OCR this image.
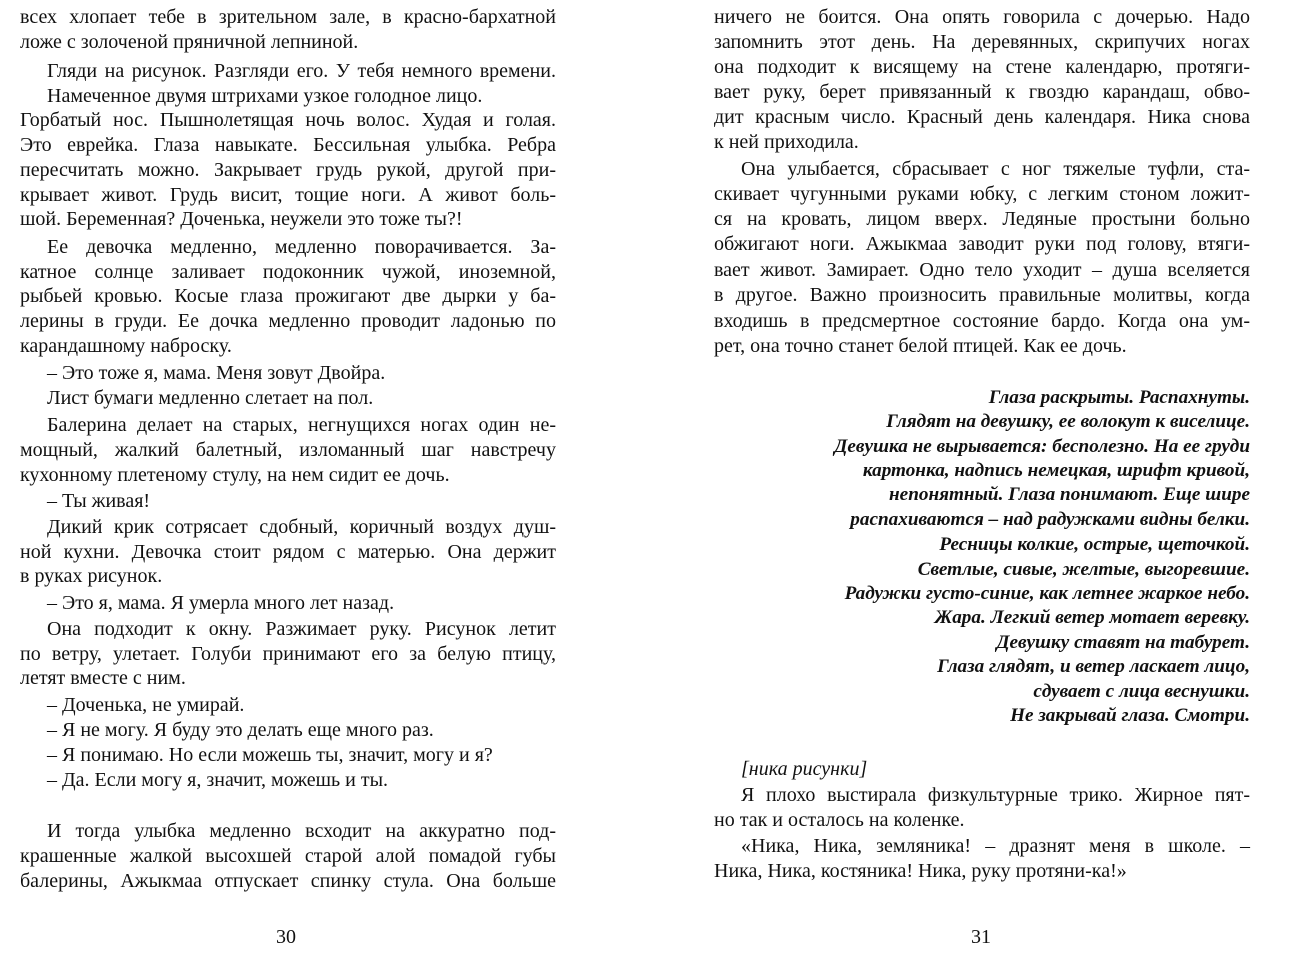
всех хлопает тебе в зрительном зале, в красно-бархатной
ложе с золоченой пряничной лепниной.
Гляди на рисунок. Разгляди его. У тебя немного времени.
Намеченное двумя штрихами узкое голодное лицо.
Горбатый нос. Пышнолетящая ночь волос. Худая и голая.
Это еврейка. Глаза навыкате. Бессильная улыбка. Ребра
пересчитать можно. Закрывает грудь рукой, другой при-
крывает живот. Грудь висит, тощие ноги. А живот боль-
шой. Беременная? Доченька, неужели это тоже ты?!
Ее девочка медленно, медленно поворачивается. За-
катное солнце заливает подоконник чужой, иноземной,
рыбьей кровью. Косые глаза прожигают две дырки у ба-
лерины в груди. Ее дочка медленно проводит ладонью по
карандашному наброску.
– Это тоже я, мама. Меня зовут Двойра.
Лист бумаги медленно слетает на пол.
Балерина делает на старых, негнущихся ногах один не-
мощный, жалкий балетный, изломанный шаг навстречу
кухонному плетеному стулу, на нем сидит ее дочь.
– Ты живая!
Дикий крик сотрясает сдобный, коричный воздух душ-
ной кухни. Девочка стоит рядом с матерью. Она держит
в руках рисунок.
– Это я, мама. Я умерла много лет назад.
Она подходит к окну. Разжимает руку. Рисунок летит
по ветру, улетает. Голуби принимают его за белую птицу,
летят вместе с ним.
– Доченька, не умирай.
– Я не могу. Я буду это делать еще много раз.
– Я понимаю. Но если можешь ты, значит, могу и я?
– Да. Если могу я, значит, можешь и ты.
И тогда улыбка медленно всходит на аккуратно под-
крашенные жалкой высохшей старой алой помадой губы
балерины, Ажыкмаа отпускает спинку стула. Она больше
30
ничего не боится. Она опять говорила с дочерью. Надо
запомнить этот день. На деревянных, скрипучих ногах
она подходит к висящему на стене календарю, протяги-
вает руку, берет привязанный к гвоздю карандаш, обво-
дит красным число. Красный день календаря. Ника снова
к ней приходила.
Она улыбается, сбрасывает с ног тяжелые туфли, ста-
скивает чугунными руками юбку, с легким стоном ложит-
ся на кровать, лицом вверх. Ледяные простыни больно
обжигают ноги. Ажыкмаа заводит руки под голову, втяги-
вает живот. Замирает. Одно тело уходит – душа вселяется
в другое. Важно произносить правильные молитвы, когда
входишь в предсмертное состояние бардо. Когда она ум-
рет, она точно станет белой птицей. Как ее дочь.
Глаза раскрыты. Распахнуты.
Глядят на девушку, ее волокут к виселице.
Девушка не вырывается: бесполезно. На ее груди
картонка, надпись немецкая, шрифт кривой,
непонятный. Глаза понимают. Еще шире
распахиваются – над радужками видны белки.
Ресницы колкие, острые, щеточкой.
Светлые, сивые, желтые, выгоревшие.
Радужки густо-синие, как летнее жаркое небо.
Жара. Легкий ветер мотает веревку.
Девушку ставят на табурет.
Глаза глядят, и ветер ласкает лицо,
сдувает с лица веснушки.
Не закрывай глаза. Смотри.
[ника рисунки]
Я плохо выстирала физкультурные трико. Жирное пят-
но так и осталось на коленке.
«Ника, Ника, земляника! – дразнят меня в школе. –
Ника, Ника, костяника! Ника, руку протяни-ка!»
31
